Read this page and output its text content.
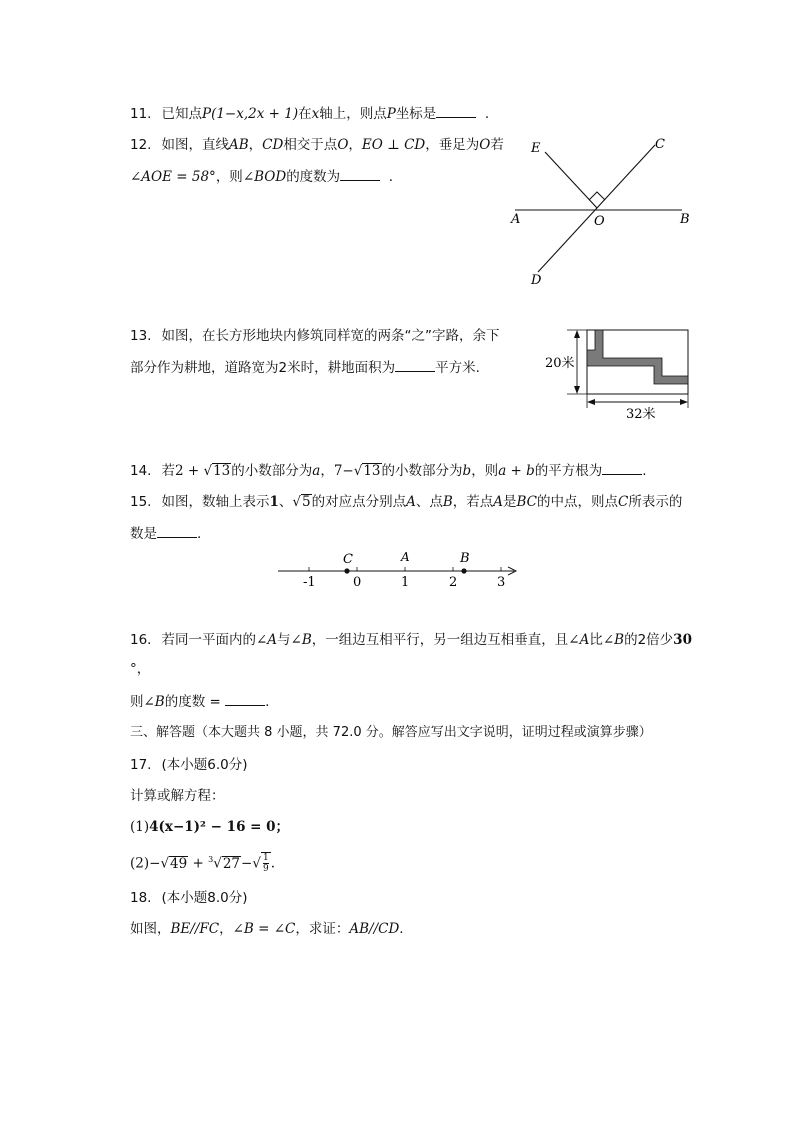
11. 已知点P(1−x,2x + 1)在x轴上，则点P坐标是	.
12. 如图，直线AB，CD相交于点O，EO ⊥ CD，垂足为O若
∠AOE = 58°，则∠BOD的度数为	.
E	C
A	O	B
D
13. 如图，在长方形地块内修筑同样宽的两条“之”字路，余下
部分作为耕地，道路宽为2米时，耕地面积为	平方米.	20米
32米
14. 若2 + √13的小数部分为a，7−√13的小数部分为b，则a + b的平方根为	.
15. 如图，数轴上表示1、√5的对应点分别点A、点B，若点A是BC的中点，则点C所表示的
数是	.
-1	0	1	2	3
C	A	B
16. 若同一平面内的∠A与∠B，一组边互相平行，另一组边互相垂直，且∠A比∠B的2倍少30
°，
则∠B的度数 =	.
三、解答题（本大题共 8 小题，共 72.0 分。解答应写出文字说明，证明过程或演算步骤）
17. (本小题6.0分)
计算或解方程：
(1)4(x−1)² − 16 = 0；
$(2)-√49 + ^3√27-√ \frac{1}{9}$ .
18. (本小题8.0分)
如图，BE//FC，∠B = ∠C，求证：AB//CD.
